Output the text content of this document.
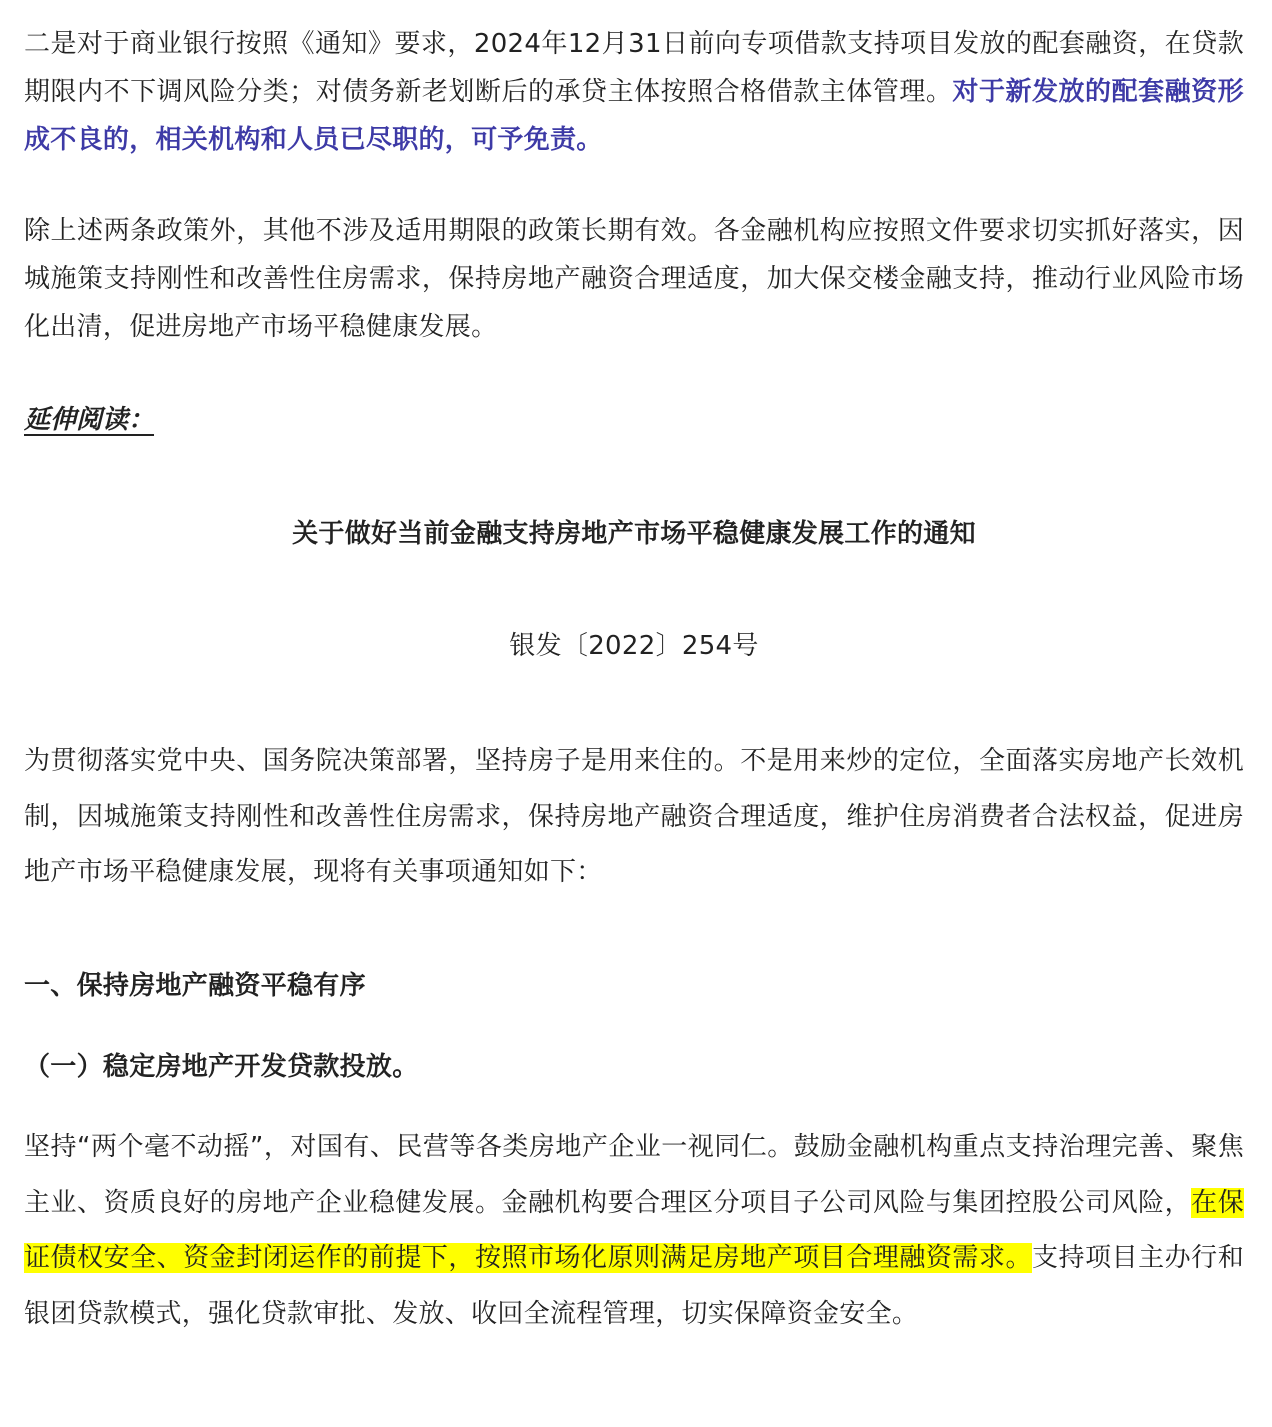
二是对于商业银行按照《通知》要求，2024年12月31日前向专项借款支持项目发放的配套融资，在贷款期限内不下调风险分类；对债务新老划断后的承贷主体按照合格借款主体管理。对于新发放的配套融资形成不良的，相关机构和人员已尽职的，可予免责。

除上述两条政策外，其他不涉及适用期限的政策长期有效。各金融机构应按照文件要求切实抓好落实，因城施策支持刚性和改善性住房需求，保持房地产融资合理适度，加大保交楼金融支持，推动行业风险市场化出清，促进房地产市场平稳健康发展。

延伸阅读：

关于做好当前金融支持房地产市场平稳健康发展工作的通知

银发〔2022〕254号

为贯彻落实党中央、国务院决策部署，坚持房子是用来住的。不是用来炒的定位，全面落实房地产长效机制，因城施策支持刚性和改善性住房需求，保持房地产融资合理适度，维护住房消费者合法权益，促进房地产市场平稳健康发展，现将有关事项通知如下：

一、保持房地产融资平稳有序

（一）稳定房地产开发贷款投放。

坚持“两个毫不动摇”，对国有、民营等各类房地产企业一视同仁。鼓励金融机构重点支持治理完善、聚焦主业、资质良好的房地产企业稳健发展。金融机构要合理区分项目子公司风险与集团控股公司风险，在保证债权安全、资金封闭运作的前提下，按照市场化原则满足房地产项目合理融资需求。支持项目主办行和银团贷款模式，强化贷款审批、发放、收回全流程管理，切实保障资金安全。
